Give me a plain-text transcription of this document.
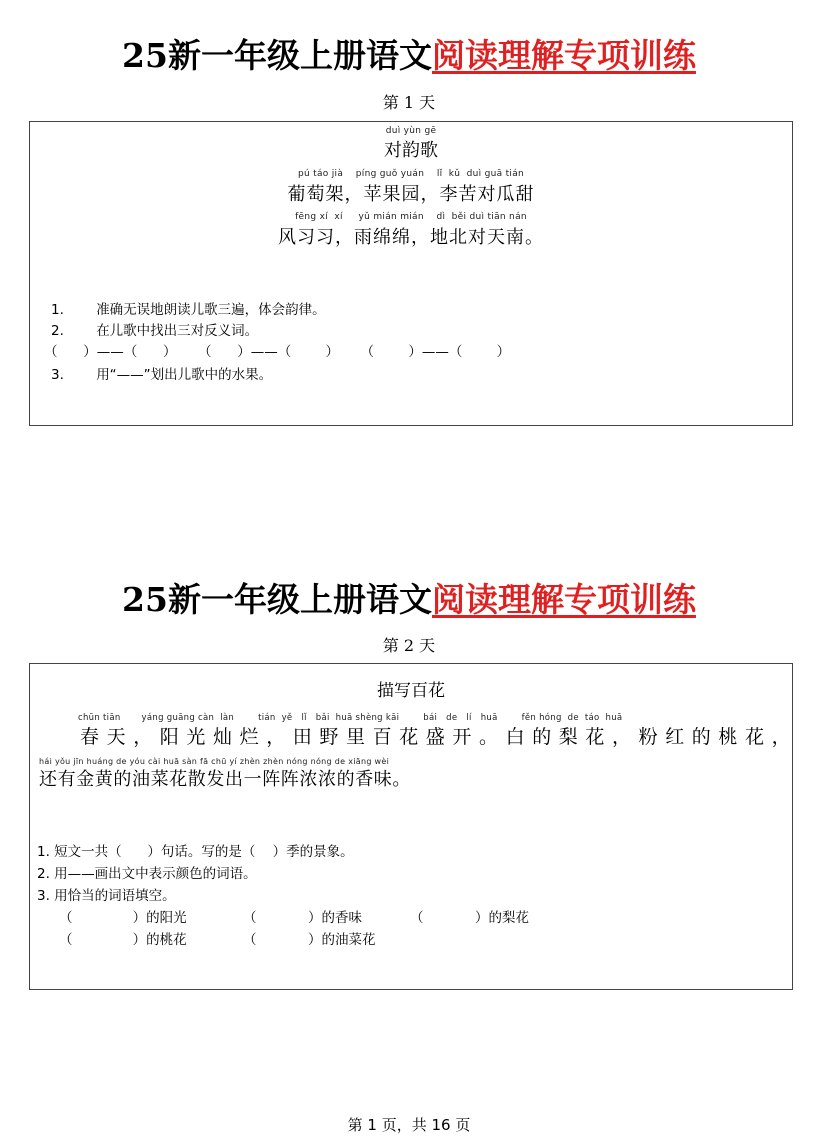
25新一年级上册语文阅读理解专项训练
第 1 天
duì yùn gē
对韵歌
pú táo jià    píng guǒ yuán    lǐ  kǔ  duì guā tián
葡萄架，苹果园，李苦对瓜甜
fēng xí  xí     yǔ mián mián    dì  běi duì tiān nán
风习习，雨绵绵，地北对天南。
1. 准确无误地朗读儿歌三遍，体会韵律。
2. 在儿歌中找出三对反义词。
（      ）——（      ）     （      ）——（        ）     （        ）——（        ）
3. 用“——”划出儿歌中的水果。
25新一年级上册语文阅读理解专项训练
第 2 天
描写百花
chūn tiān       yáng guāng càn  làn        tián  yě   lǐ   bǎi  huā shèng kāi        bái   de   lí   huā        fěn hóng  de  táo  huā
春天，阳光灿烂，田野里百花盛开。白的梨花，粉红的桃花，
hái yǒu jīn huáng de yóu cài huā sàn fā chū yí zhèn zhèn nóng nóng de xiāng wèi
还有金黄的油菜花散发出一阵阵浓浓的香味。
1. 短文一共（      ）句话。写的是（    ）季的景象。
2. 用——画出文中表示颜色的词语。
3. 用恰当的词语填空。
（              ）的阳光	（            ）的香味	（            ）的梨花
（              ）的桃花	（            ）的油菜花
第 1 页，共 16 页
